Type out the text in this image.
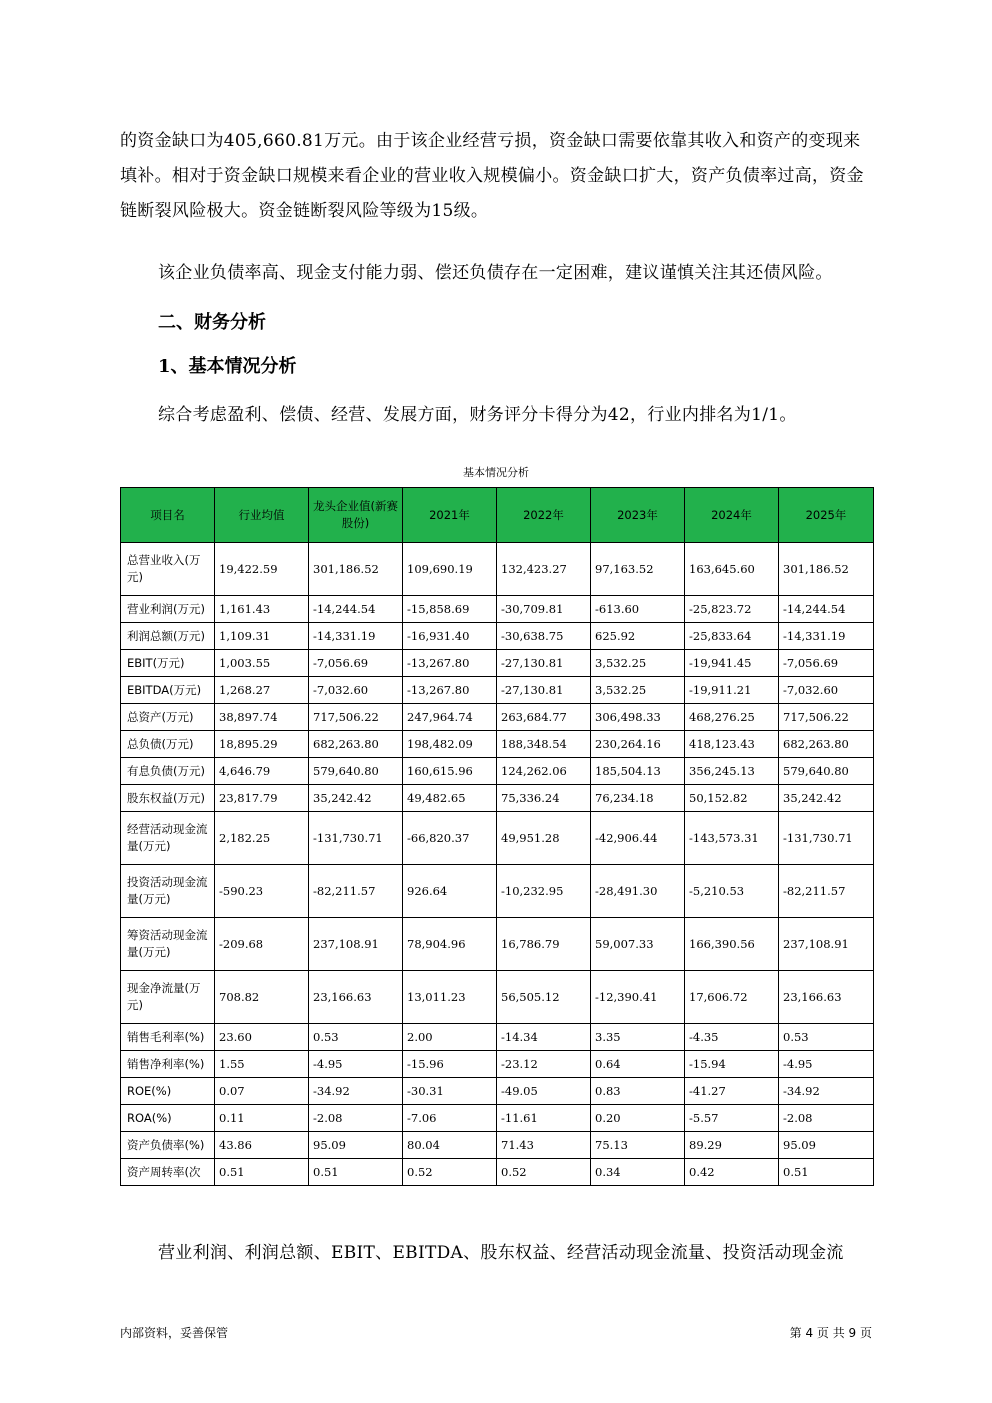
的资金缺口为405,660.81万元。由于该企业经营亏损，资金缺口需要依靠其收入和资产的变现来填补。相对于资金缺口规模来看企业的营业收入规模偏小。资金缺口扩大，资产负债率过高，资金链断裂风险极大。资金链断裂风险等级为15级。

该企业负债率高、现金支付能力弱、偿还负债存在一定困难，建议谨慎关注其还债风险。

二、财务分析
1、基本情况分析

综合考虑盈利、偿债、经营、发展方面，财务评分卡得分为42，行业内排名为1/1。

基本情况分析
项目名	行业均值	龙头企业值(新赛股份)	2021年	2022年	2023年	2024年	2025年
总营业收入(万元)	19,422.59	301,186.52	109,690.19	132,423.27	97,163.52	163,645.60	301,186.52
营业利润(万元)	1,161.43	-14,244.54	-15,858.69	-30,709.81	-613.60	-25,823.72	-14,244.54
利润总额(万元)	1,109.31	-14,331.19	-16,931.40	-30,638.75	625.92	-25,833.64	-14,331.19
EBIT(万元)	1,003.55	-7,056.69	-13,267.80	-27,130.81	3,532.25	-19,941.45	-7,056.69
EBITDA(万元)	1,268.27	-7,032.60	-13,267.80	-27,130.81	3,532.25	-19,911.21	-7,032.60
总资产(万元)	38,897.74	717,506.22	247,964.74	263,684.77	306,498.33	468,276.25	717,506.22
总负债(万元)	18,895.29	682,263.80	198,482.09	188,348.54	230,264.16	418,123.43	682,263.80
有息负债(万元)	4,646.79	579,640.80	160,615.96	124,262.06	185,504.13	356,245.13	579,640.80
股东权益(万元)	23,817.79	35,242.42	49,482.65	75,336.24	76,234.18	50,152.82	35,242.42
经营活动现金流量(万元)	2,182.25	-131,730.71	-66,820.37	49,951.28	-42,906.44	-143,573.31	-131,730.71
投资活动现金流量(万元)	-590.23	-82,211.57	926.64	-10,232.95	-28,491.30	-5,210.53	-82,211.57
筹资活动现金流量(万元)	-209.68	237,108.91	78,904.96	16,786.79	59,007.33	166,390.56	237,108.91
现金净流量(万元)	708.82	23,166.63	13,011.23	56,505.12	-12,390.41	17,606.72	23,166.63
销售毛利率(%)	23.60	0.53	2.00	-14.34	3.35	-4.35	0.53
销售净利率(%)	1.55	-4.95	-15.96	-23.12	0.64	-15.94	-4.95
ROE(%)	0.07	-34.92	-30.31	-49.05	0.83	-41.27	-34.92
ROA(%)	0.11	-2.08	-7.06	-11.61	0.20	-5.57	-2.08
资产负债率(%)	43.86	95.09	80.04	71.43	75.13	89.29	95.09
资产周转率(次	0.51	0.51	0.52	0.52	0.34	0.42	0.51

营业利润、利润总额、EBIT、EBITDA、股东权益、经营活动现金流量、投资活动现金流

内部资料，妥善保管	第 4 页 共 9 页
